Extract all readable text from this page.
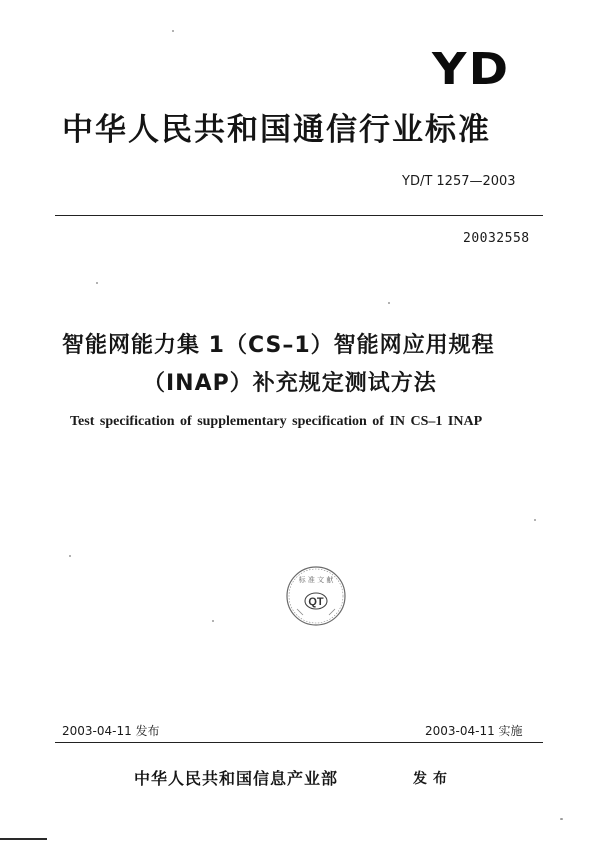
YD
中华人民共和国通信行业标准
YD/T 1257—2003
20032558
智能网能力集 1（CS–1）智能网应用规程
（INAP）补充规定测试方法
Test specification of supplementary specification of IN CS–1 INAP
QT
标 准 文 献
2003-04-11 发布	2003-04-11 实施
中华人民共和国信息产业部	发布
